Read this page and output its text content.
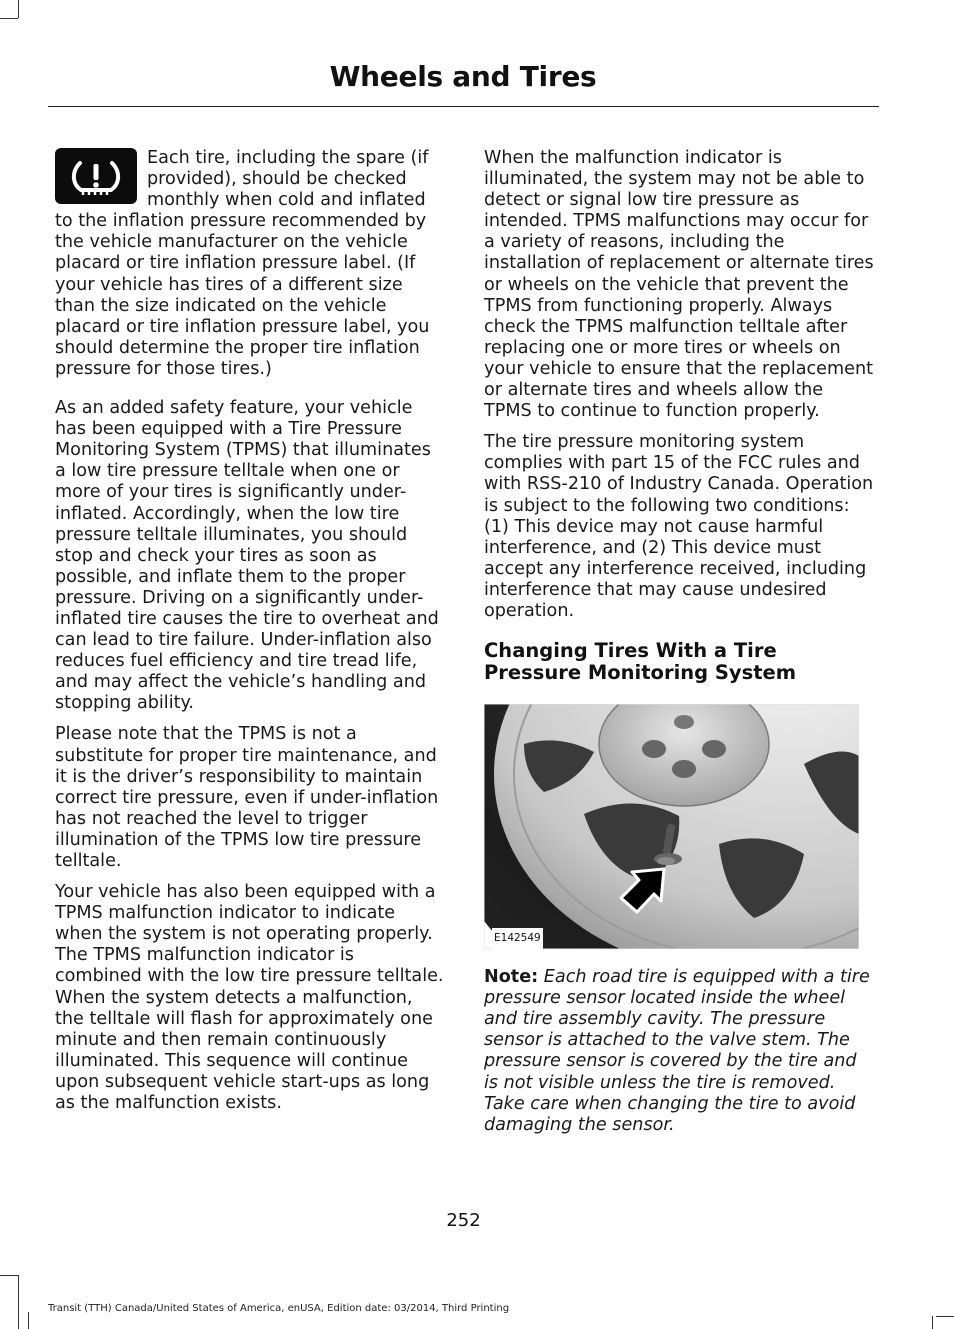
Wheels and Tires

Each tire, including the spare (if provided), should be checked monthly when cold and inflated to the inflation pressure recommended by the vehicle manufacturer on the vehicle placard or tire inflation pressure label. (If your vehicle has tires of a different size than the size indicated on the vehicle placard or tire inflation pressure label, you should determine the proper tire inflation pressure for those tires.)

As an added safety feature, your vehicle has been equipped with a Tire Pressure Monitoring System (TPMS) that illuminates a low tire pressure telltale when one or more of your tires is significantly under-inflated. Accordingly, when the low tire pressure telltale illuminates, you should stop and check your tires as soon as possible, and inflate them to the proper pressure. Driving on a significantly under-inflated tire causes the tire to overheat and can lead to tire failure. Under-inflation also reduces fuel efficiency and tire tread life, and may affect the vehicle’s handling and stopping ability.

Please note that the TPMS is not a substitute for proper tire maintenance, and it is the driver’s responsibility to maintain correct tire pressure, even if under-inflation has not reached the level to trigger illumination of the TPMS low tire pressure telltale.

Your vehicle has also been equipped with a TPMS malfunction indicator to indicate when the system is not operating properly. The TPMS malfunction indicator is combined with the low tire pressure telltale. When the system detects a malfunction, the telltale will flash for approximately one minute and then remain continuously illuminated. This sequence will continue upon subsequent vehicle start-ups as long as the malfunction exists.

When the malfunction indicator is illuminated, the system may not be able to detect or signal low tire pressure as intended. TPMS malfunctions may occur for a variety of reasons, including the installation of replacement or alternate tires or wheels on the vehicle that prevent the TPMS from functioning properly. Always check the TPMS malfunction telltale after replacing one or more tires or wheels on your vehicle to ensure that the replacement or alternate tires and wheels allow the TPMS to continue to function properly.

The tire pressure monitoring system complies with part 15 of the FCC rules and with RSS-210 of Industry Canada. Operation is subject to the following two conditions: (1) This device may not cause harmful interference, and (2) This device must accept any interference received, including interference that may cause undesired operation.

Changing Tires With a Tire Pressure Monitoring System
E142549

Note: Each road tire is equipped with a tire pressure sensor located inside the wheel and tire assembly cavity. The pressure sensor is attached to the valve stem. The pressure sensor is covered by the tire and is not visible unless the tire is removed. Take care when changing the tire to avoid damaging the sensor.

252
Transit (TTH) Canada/United States of America, enUSA, Edition date: 03/2014, Third Printing
